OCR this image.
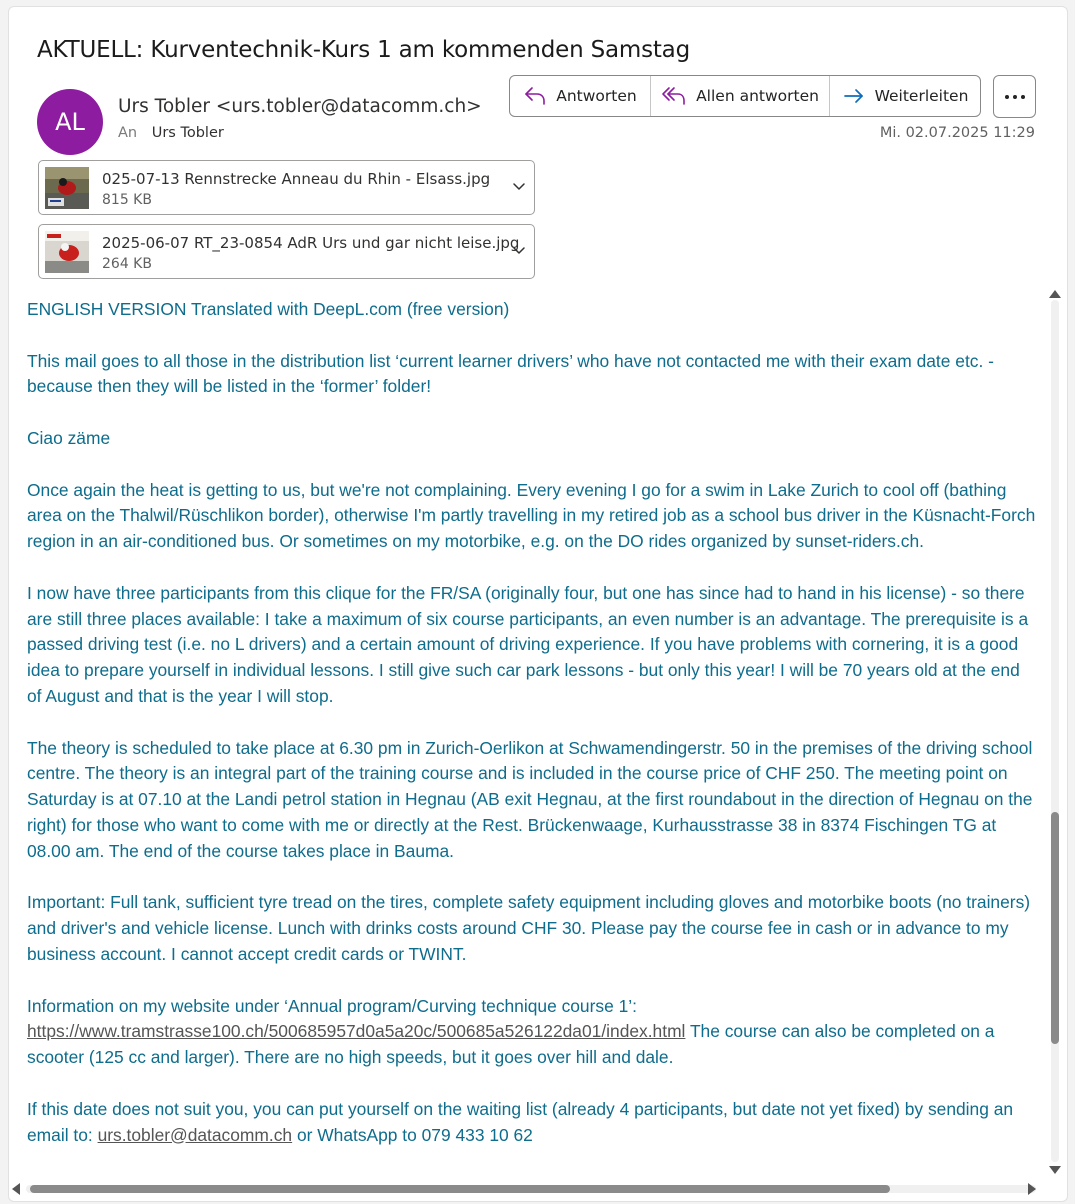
AKTUELL: Kurventechnik-Kurs 1 am kommenden Samstag
AL
Urs Tobler <urs.tobler@datacomm.ch>
An Urs Tobler
Antworten	Allen antworten	Weiterleiten
Mi. 02.07.2025 11:29
025-07-13 Rennstrecke Anneau du Rhin - Elsass.jpg
815 KB
2025-06-07 RT_23-0854 AdR Urs und gar nicht leise.jpg
264 KB

ENGLISH VERSION Translated with DeepL.com (free version)

This mail goes to all those in the distribution list ‘current learner drivers’ who have not contacted me with their exam date etc. - because then they will be listed in the ‘former’ folder!

Ciao zäme

Once again the heat is getting to us, but we're not complaining. Every evening I go for a swim in Lake Zurich to cool off (bathing area on the Thalwil/Rüschlikon border), otherwise I'm partly travelling in my retired job as a school bus driver in the Küsnacht-Forch region in an air-conditioned bus. Or sometimes on my motorbike, e.g. on the DO rides organized by sunset-riders.ch.

I now have three participants from this clique for the FR/SA (originally four, but one has since had to hand in his license) - so there are still three places available: I take a maximum of six course participants, an even number is an advantage. The prerequisite is a passed driving test (i.e. no L drivers) and a certain amount of driving experience. If you have problems with cornering, it is a good idea to prepare yourself in individual lessons. I still give such car park lessons - but only this year! I will be 70 years old at the end of August and that is the year I will stop.

The theory is scheduled to take place at 6.30 pm in Zurich-Oerlikon at Schwamendingerstr. 50 in the premises of the driving school centre. The theory is an integral part of the training course and is included in the course price of CHF 250. The meeting point on Saturday is at 07.10 at the Landi petrol station in Hegnau (AB exit Hegnau, at the first roundabout in the direction of Hegnau on the right) for those who want to come with me or directly at the Rest. Brückenwaage, Kurhausstrasse 38 in 8374 Fischingen TG at 08.00 am. The end of the course takes place in Bauma.

Important: Full tank, sufficient tyre tread on the tires, complete safety equipment including gloves and motorbike boots (no trainers) and driver's and vehicle license. Lunch with drinks costs around CHF 30. Please pay the course fee in cash or in advance to my business account. I cannot accept credit cards or TWINT.

Information on my website under ‘Annual program/Curving technique course 1’:
https://www.tramstrasse100.ch/500685957d0a5a20c/500685a526122da01/index.html The course can also be completed on a scooter (125 cc and larger). There are no high speeds, but it goes over hill and dale.

If this date does not suit you, you can put yourself on the waiting list (already 4 participants, but date not yet fixed) by sending an email to: urs.tobler@datacomm.ch or WhatsApp to 079 433 10 62
